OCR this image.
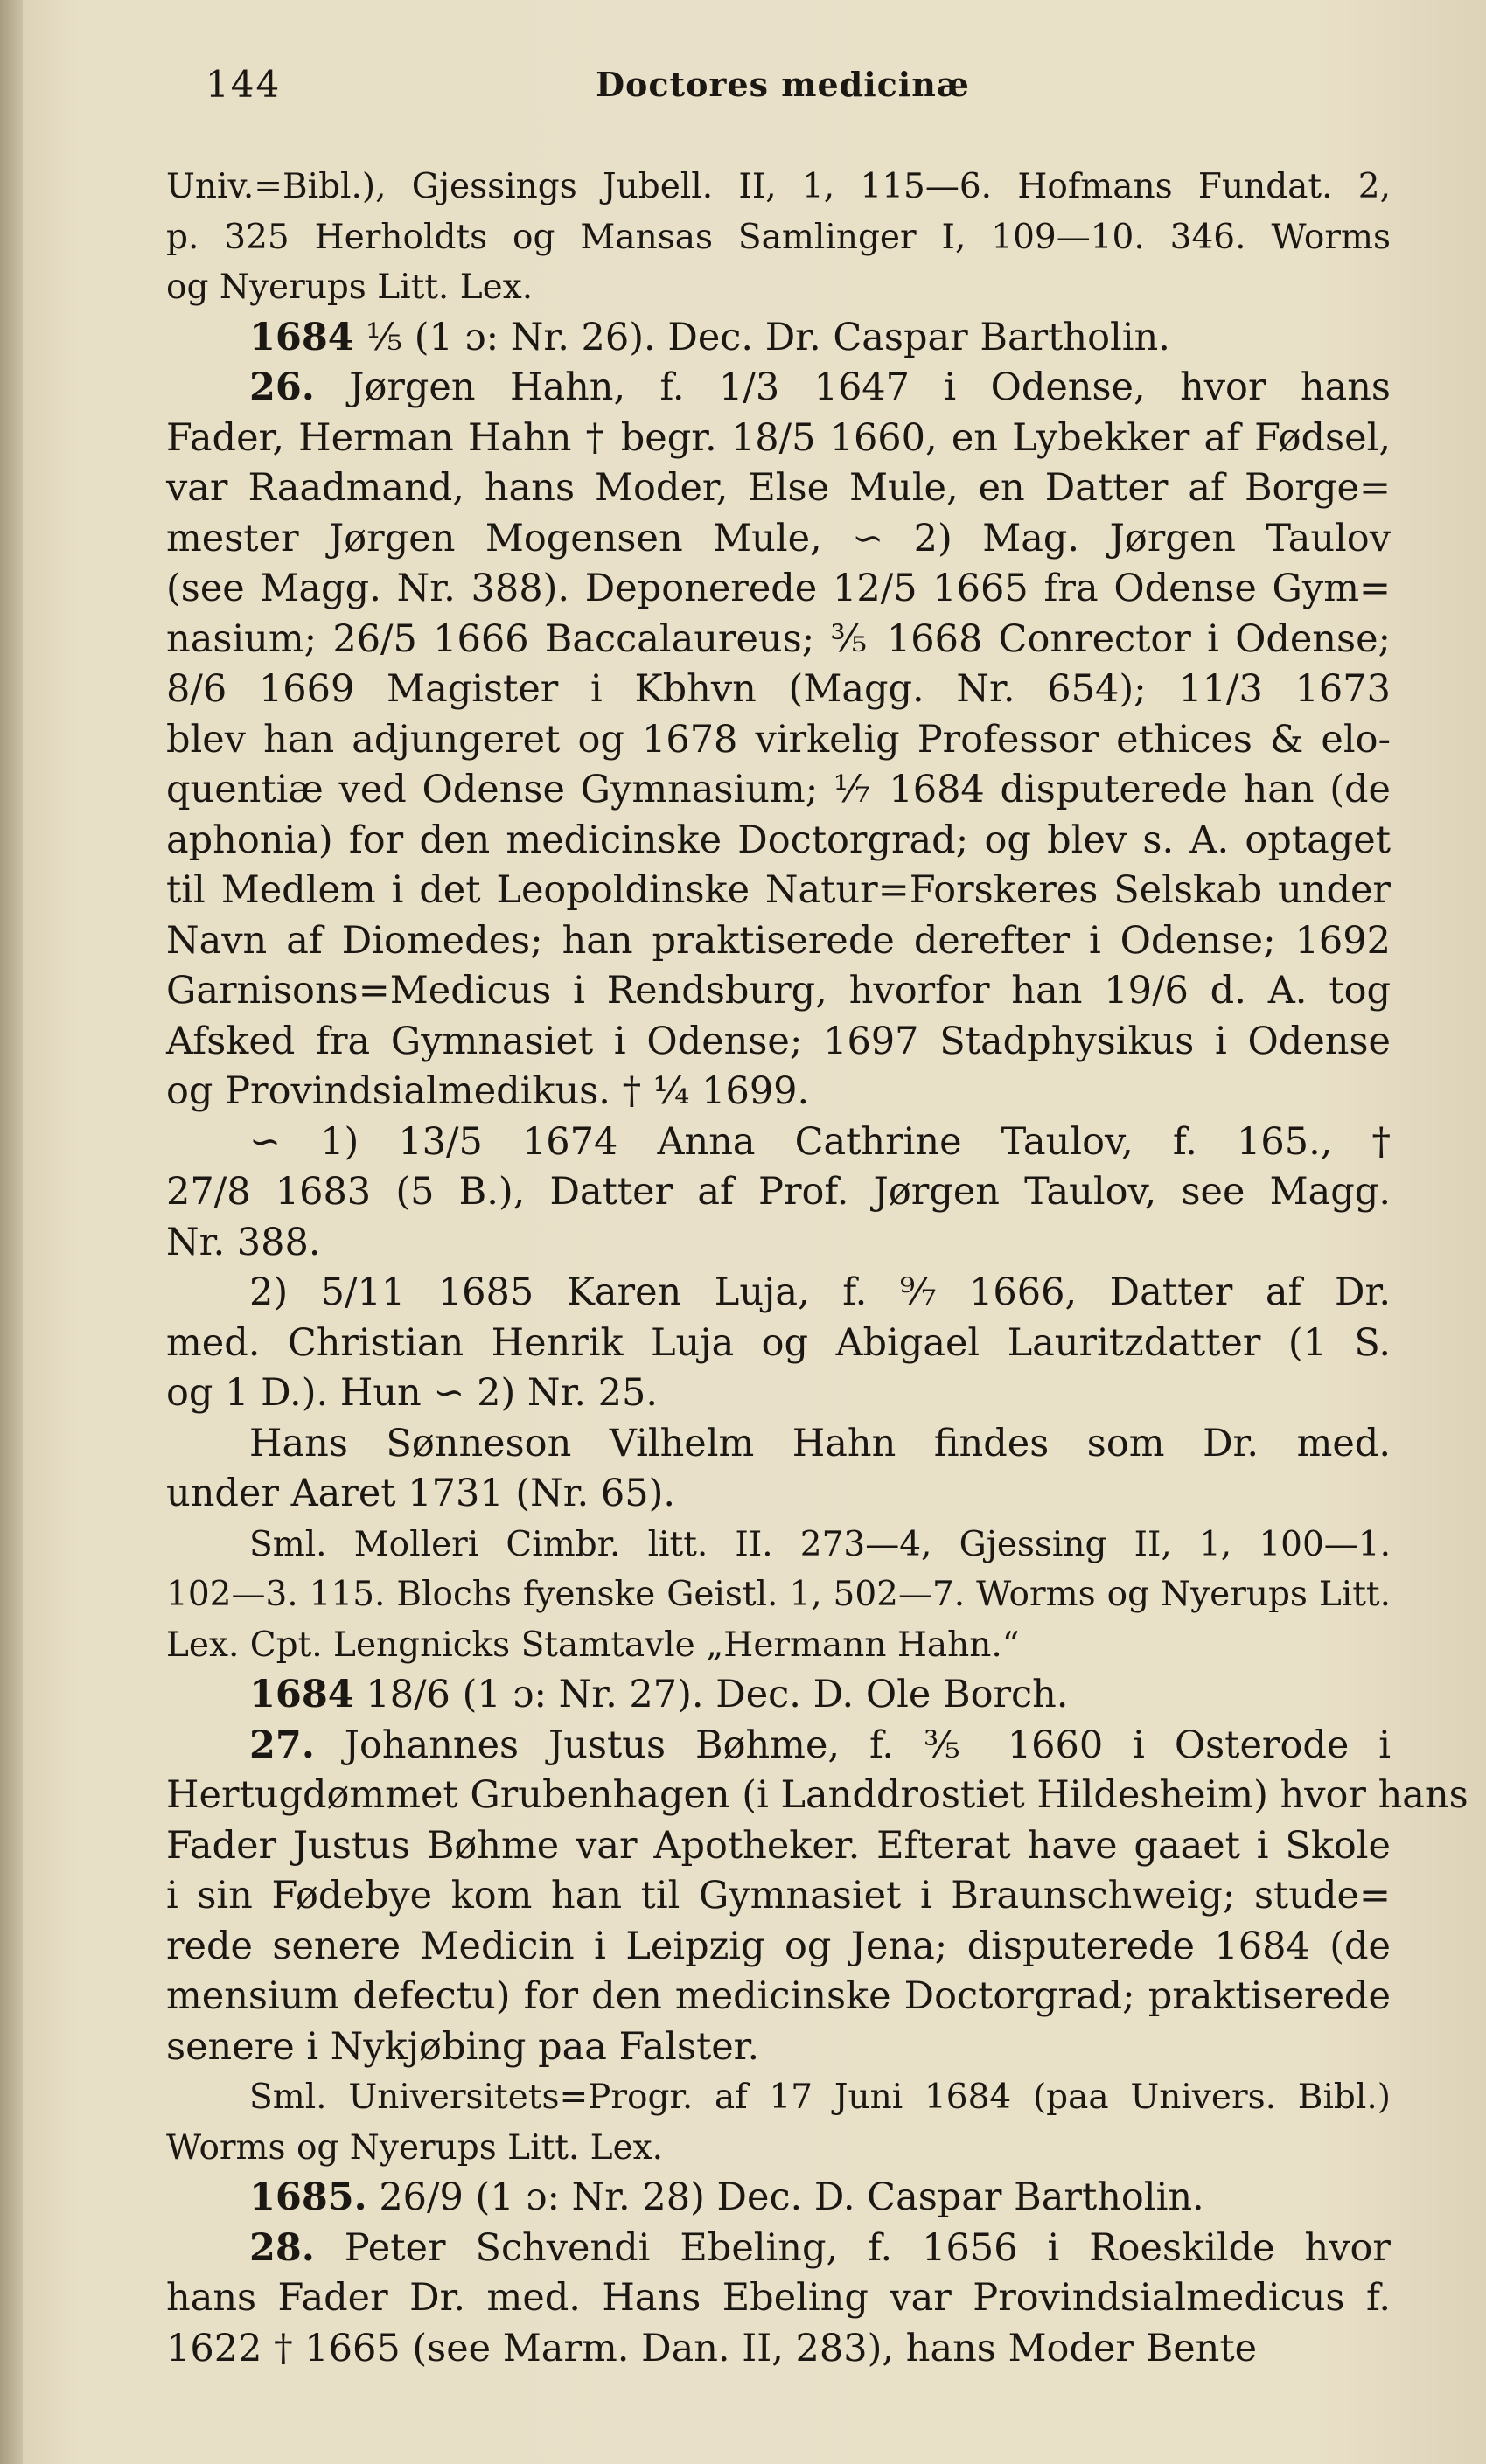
144	Doctores medicinæ
Univ.=Bibl.), Gjessings Jubell. II, 1, 115—6. Hofmans Fundat. 2,
p. 325 Herholdts og Mansas Samlinger I, 109—10. 346. Worms
og Nyerups Litt. Lex.
1684 ⅕ (1 ɔ: Nr. 26). Dec. Dr. Caspar Bartholin.
26. Jørgen Hahn, f. 1/3 1647 i Odense, hvor hans
Fader, Herman Hahn † begr. 18/5 1660, en Lybekker af Fødsel,
var Raadmand, hans Moder, Else Mule, en Datter af Borge=
mester Jørgen Mogensen Mule, ∽ 2) Mag. Jørgen Taulov
(see Magg. Nr. 388). Deponerede 12/5 1665 fra Odense Gym=
nasium; 26/5 1666 Baccalaureus; ⅗ 1668 Conrector i Odense;
8/6 1669 Magister i Kbhvn (Magg. Nr. 654); 11/3 1673
blev han adjungeret og 1678 virkelig Professor ethices & elo-
quentiæ ved Odense Gymnasium; ⅐ 1684 disputerede han (de
aphonia) for den medicinske Doctorgrad; og blev s. A. optaget
til Medlem i det Leopoldinske Natur=Forskeres Selskab under
Navn af Diomedes; han praktiserede derefter i Odense; 1692
Garnisons=Medicus i Rendsburg, hvorfor han 19/6 d. A. tog
Afsked fra Gymnasiet i Odense; 1697 Stadphysikus i Odense
og Provindsialmedikus. † ¼ 1699.
∽ 1) 13/5 1674 Anna Cathrine Taulov, f. 165., †
27/8 1683 (5 B.), Datter af Prof. Jørgen Taulov, see Magg.
Nr. 388.
2) 5/11 1685 Karen Luja, f. ⁹⁄₇ 1666, Datter af Dr.
med. Christian Henrik Luja og Abigael Lauritzdatter (1 S.
og 1 D.). Hun ∽ 2) Nr. 25.
Hans Sønneson Vilhelm Hahn findes som Dr. med.
under Aaret 1731 (Nr. 65).
Sml. Molleri Cimbr. litt. II. 273—4, Gjessing II, 1, 100—1.
102—3. 115. Blochs fyenske Geistl. 1, 502—7. Worms og Nyerups Litt.
Lex. Cpt. Lengnicks Stamtavle „Hermann Hahn.“
1684 18/6 (1 ɔ: Nr. 27). Dec. D. Ole Borch.
27. Johannes Justus Bøhme, f. ⅗ 1660 i Osterode i
Hertugdømmet Grubenhagen (i Landdrostiet Hildesheim) hvor hans
Fader Justus Bøhme var Apotheker. Efterat have gaaet i Skole
i sin Fødebye kom han til Gymnasiet i Braunschweig; stude=
rede senere Medicin i Leipzig og Jena; disputerede 1684 (de
mensium defectu) for den medicinske Doctorgrad; praktiserede
senere i Nykjøbing paa Falster.
Sml. Universitets=Progr. af 17 Juni 1684 (paa Univers. Bibl.)
Worms og Nyerups Litt. Lex.
1685. 26/9 (1 ɔ: Nr. 28) Dec. D. Caspar Bartholin.
28. Peter Schvendi Ebeling, f. 1656 i Roeskilde hvor
hans Fader Dr. med. Hans Ebeling var Provindsialmedicus f.
1622 † 1665 (see Marm. Dan. II, 283), hans Moder Bente
